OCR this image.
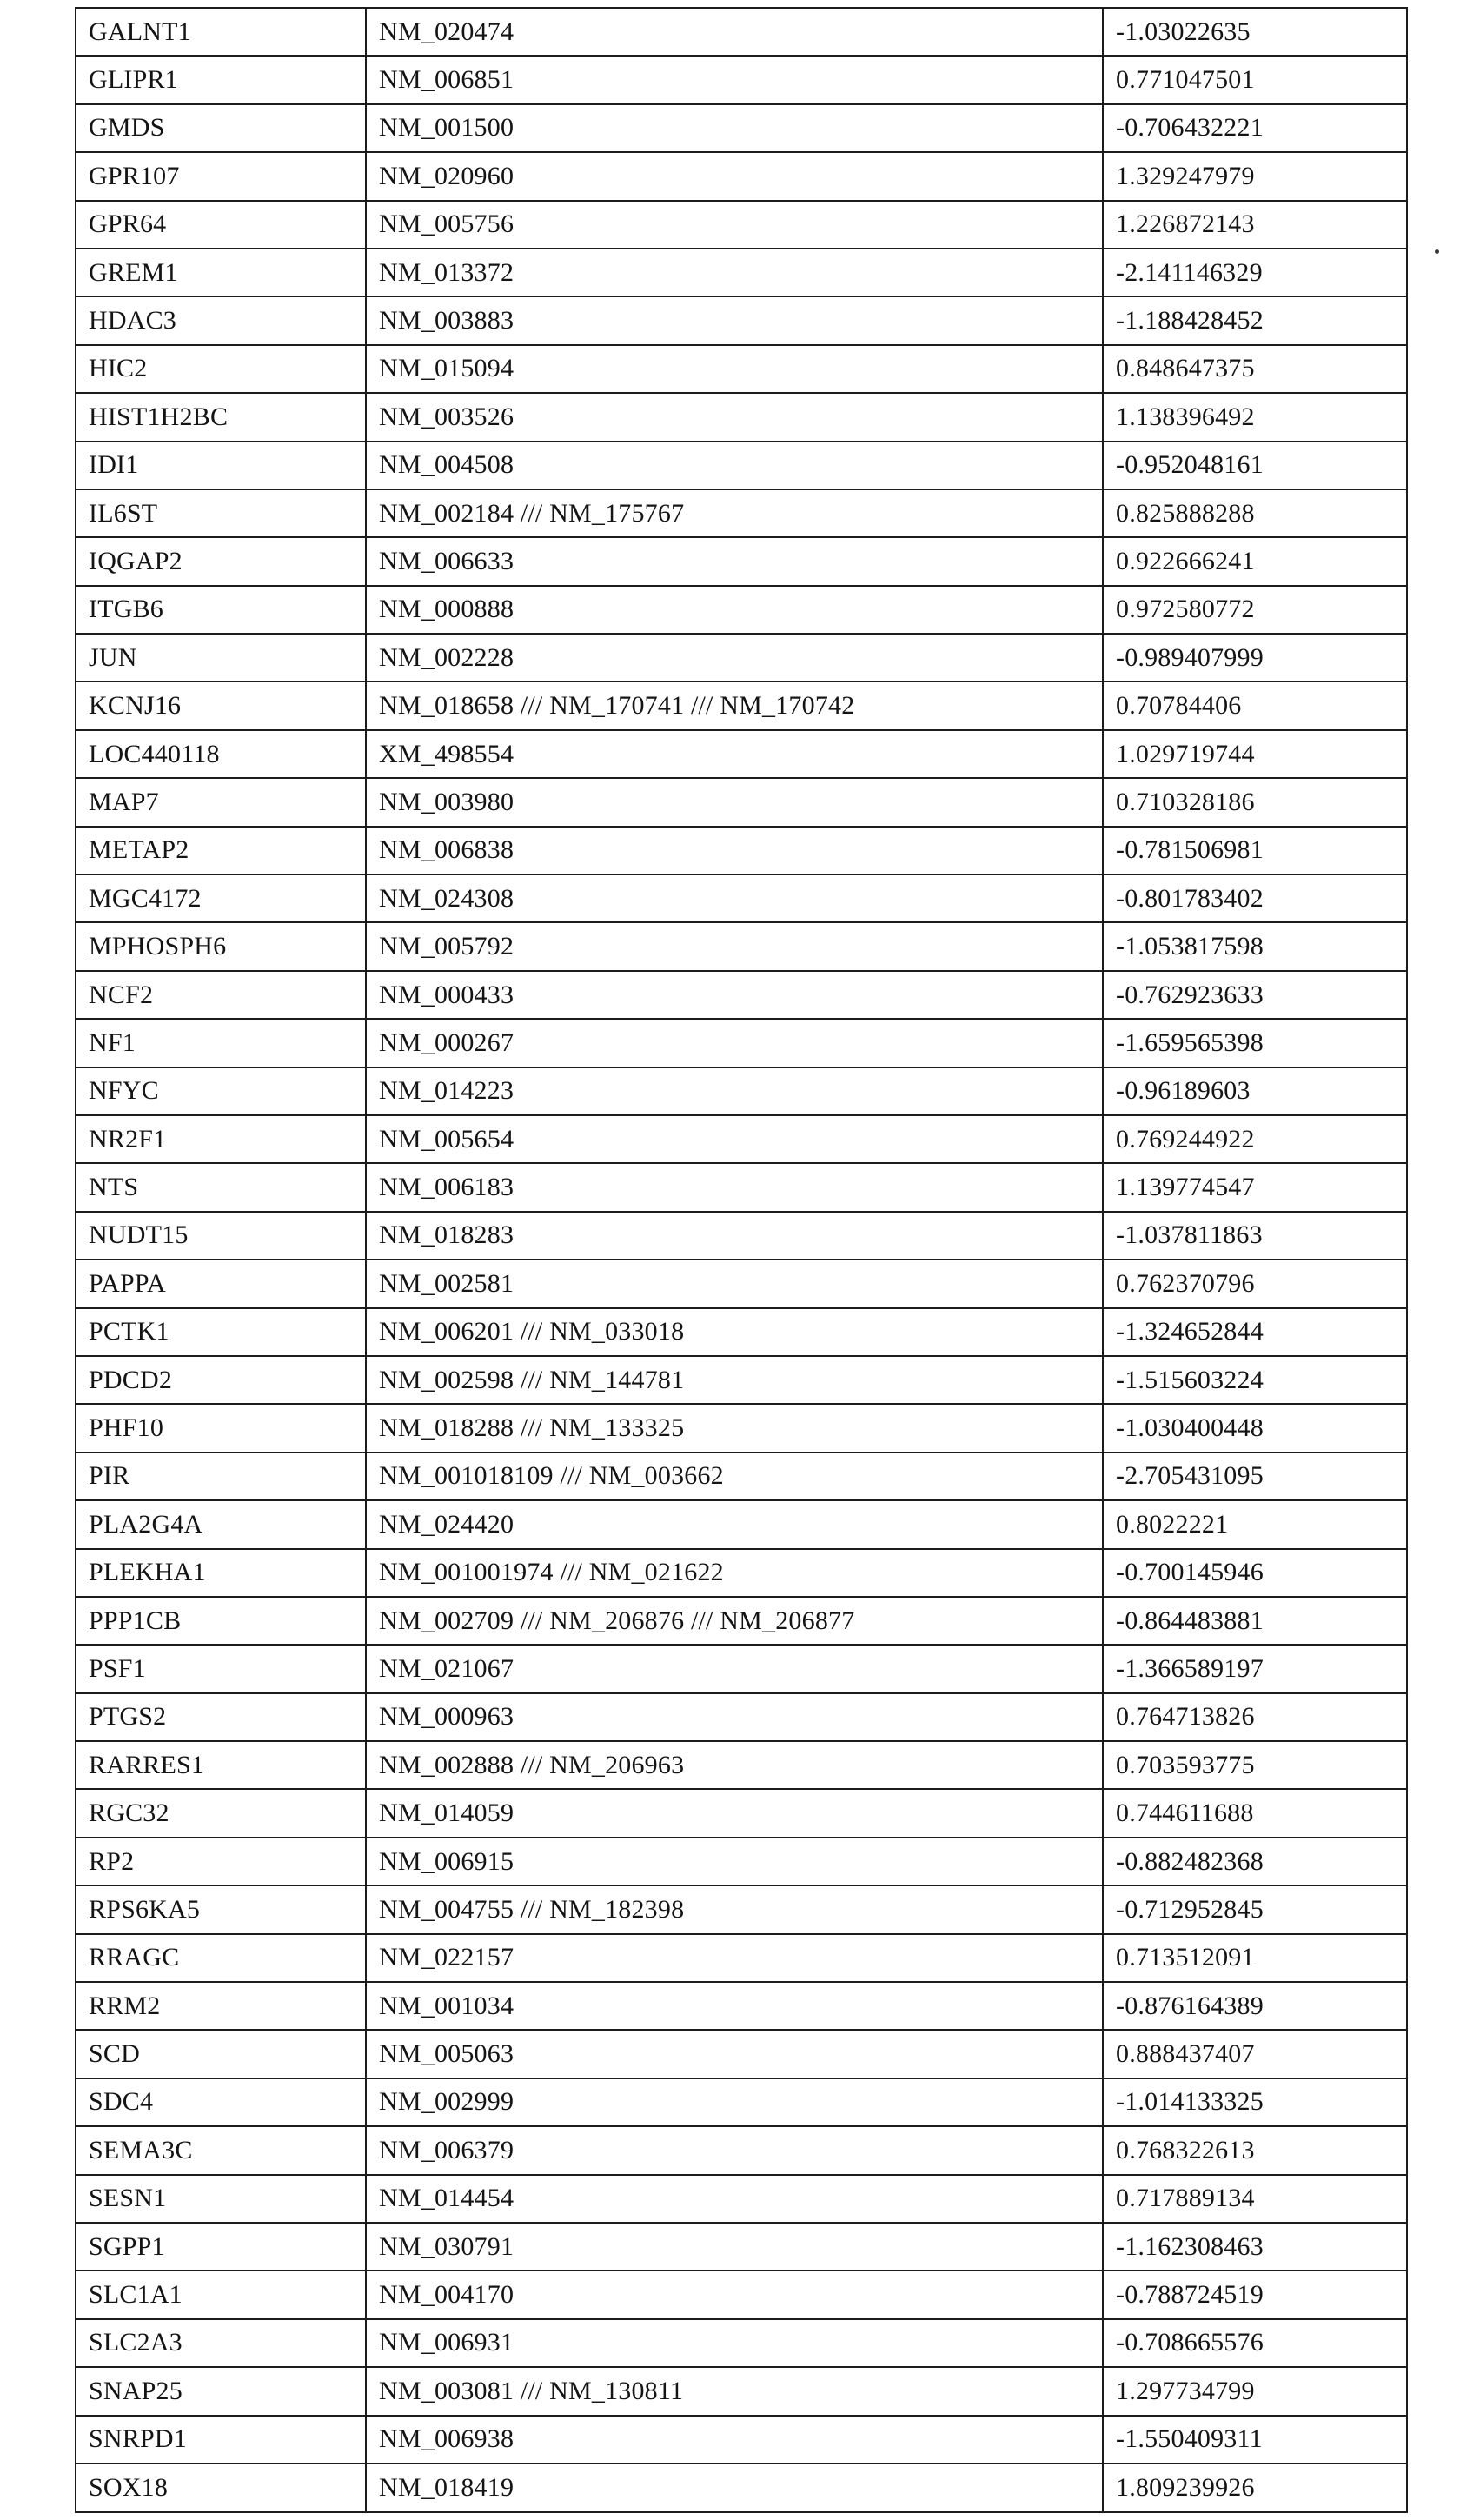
GALNT1	NM_020474	-1.03022635
GLIPR1	NM_006851	0.771047501
GMDS	NM_001500	-0.706432221
GPR107	NM_020960	1.329247979
GPR64	NM_005756	1.226872143
GREM1	NM_013372	-2.141146329
HDAC3	NM_003883	-1.188428452
HIC2	NM_015094	0.848647375
HIST1H2BC	NM_003526	1.138396492
IDI1	NM_004508	-0.952048161
IL6ST	NM_002184 /// NM_175767	0.825888288
IQGAP2	NM_006633	0.922666241
ITGB6	NM_000888	0.972580772
JUN	NM_002228	-0.989407999
KCNJ16	NM_018658 /// NM_170741 /// NM_170742	0.70784406
LOC440118	XM_498554	1.029719744
MAP7	NM_003980	0.710328186
METAP2	NM_006838	-0.781506981
MGC4172	NM_024308	-0.801783402
MPHOSPH6	NM_005792	-1.053817598
NCF2	NM_000433	-0.762923633
NF1	NM_000267	-1.659565398
NFYC	NM_014223	-0.96189603
NR2F1	NM_005654	0.769244922
NTS	NM_006183	1.139774547
NUDT15	NM_018283	-1.037811863
PAPPA	NM_002581	0.762370796
PCTK1	NM_006201 /// NM_033018	-1.324652844
PDCD2	NM_002598 /// NM_144781	-1.515603224
PHF10	NM_018288 /// NM_133325	-1.030400448
PIR	NM_001018109 /// NM_003662	-2.705431095
PLA2G4A	NM_024420	0.8022221
PLEKHA1	NM_001001974 /// NM_021622	-0.700145946
PPP1CB	NM_002709 /// NM_206876 /// NM_206877	-0.864483881
PSF1	NM_021067	-1.366589197
PTGS2	NM_000963	0.764713826
RARRES1	NM_002888 /// NM_206963	0.703593775
RGC32	NM_014059	0.744611688
RP2	NM_006915	-0.882482368
RPS6KA5	NM_004755 /// NM_182398	-0.712952845
RRAGC	NM_022157	0.713512091
RRM2	NM_001034	-0.876164389
SCD	NM_005063	0.888437407
SDC4	NM_002999	-1.014133325
SEMA3C	NM_006379	0.768322613
SESN1	NM_014454	0.717889134
SGPP1	NM_030791	-1.162308463
SLC1A1	NM_004170	-0.788724519
SLC2A3	NM_006931	-0.708665576
SNAP25	NM_003081 /// NM_130811	1.297734799
SNRPD1	NM_006938	-1.550409311
SOX18	NM_018419	1.809239926
